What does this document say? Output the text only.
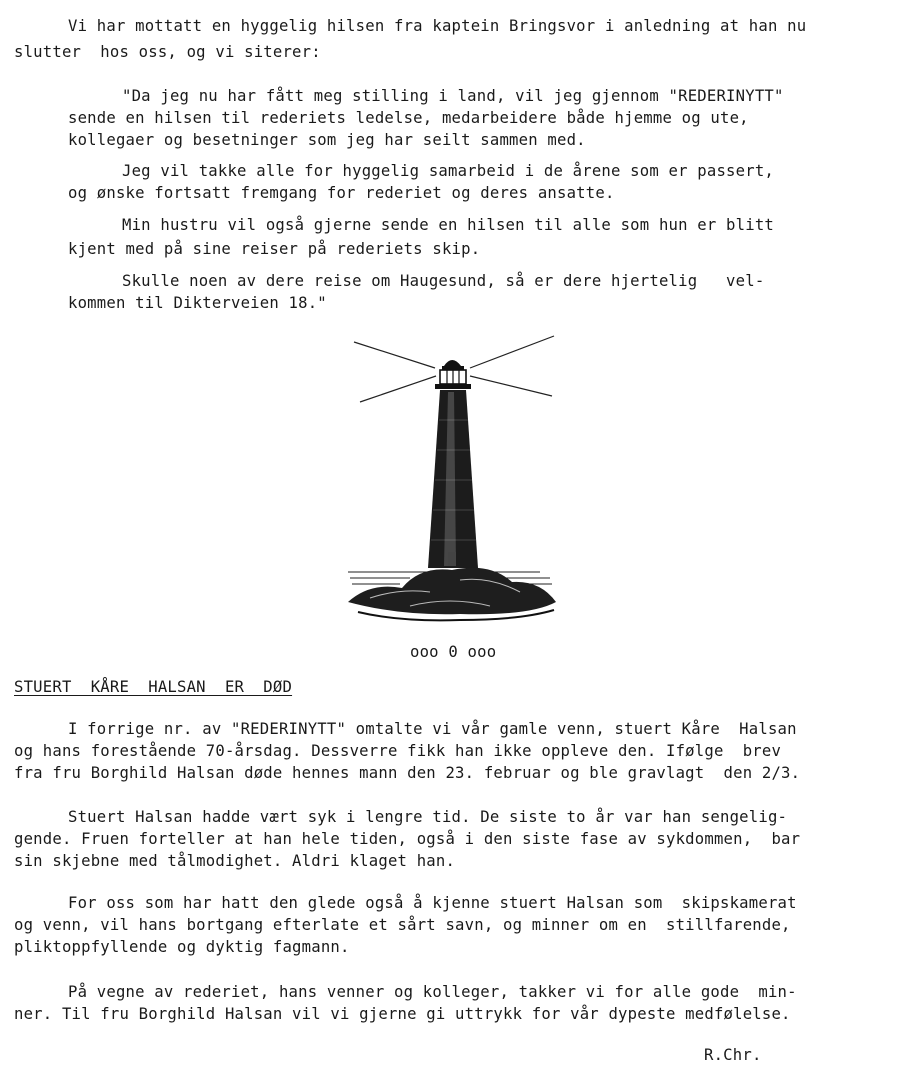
Vi har mottatt en hyggelig hilsen fra kaptein Bringsvor i anledning at han nu
slutter  hos oss, og vi siterer:
"Da jeg nu har fått meg stilling i land, vil jeg gjennom "REDERINYTT"
sende en hilsen til rederiets ledelse, medarbeidere både hjemme og ute,
kollegaer og besetninger som jeg har seilt sammen med.
Jeg vil takke alle for hyggelig samarbeid i de årene som er passert,
og ønske fortsatt fremgang for rederiet og deres ansatte.
Min hustru vil også gjerne sende en hilsen til alle som hun er blitt
kjent med på sine reiser på rederiets skip.
Skulle noen av dere reise om Haugesund, så er dere hjertelig   vel-
kommen til Dikterveien 18."
ooo 0 ooo
STUERT  KÅRE  HALSAN  ER  DØD
I forrige nr. av "REDERINYTT" omtalte vi vår gamle venn, stuert Kåre  Halsan
og hans forestående 70-årsdag. Dessverre fikk han ikke oppleve den. Ifølge  brev
fra fru Borghild Halsan døde hennes mann den 23. februar og ble gravlagt  den 2/3.
Stuert Halsan hadde vært syk i lengre tid. De siste to år var han sengelig-
gende. Fruen forteller at han hele tiden, også i den siste fase av sykdommen,  bar
sin skjebne med tålmodighet. Aldri klaget han.
For oss som har hatt den glede også å kjenne stuert Halsan som  skipskamerat
og venn, vil hans bortgang efterlate et sårt savn, og minner om en  stillfarende,
pliktoppfyllende og dyktig fagmann.
På vegne av rederiet, hans venner og kolleger, takker vi for alle gode  min-
ner. Til fru Borghild Halsan vil vi gjerne gi uttrykk for vår dypeste medfølelse.
R.Chr.
